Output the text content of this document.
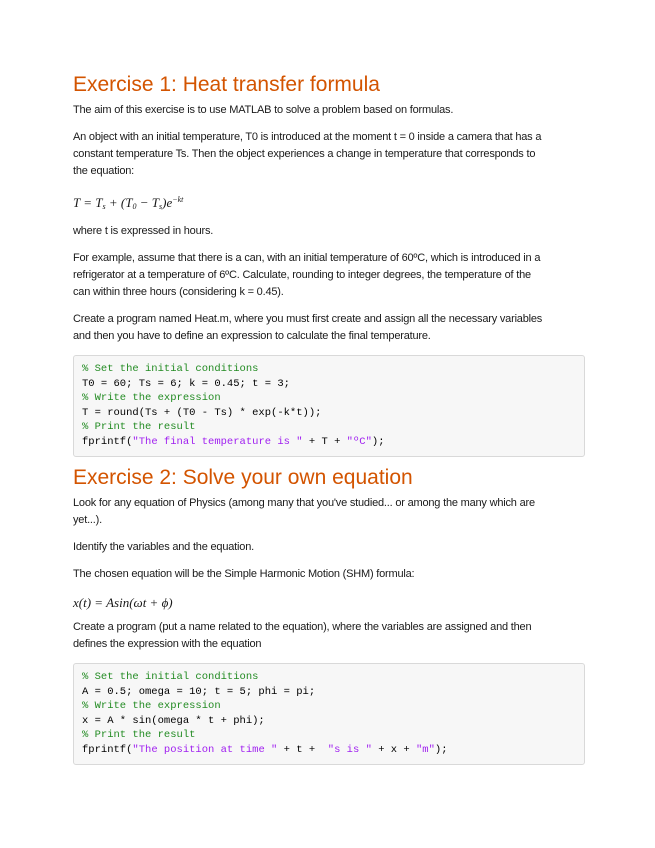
Exercise 1: Heat transfer formula

The aim of this exercise is to use MATLAB to solve a problem based on formulas.

An object with an initial temperature, T0 is introduced at the moment t = 0 inside a camera that has a
constant temperature Ts. Then the object experiences a change in temperature that corresponds to
the equation:

$T = T_s + (T_0 - T_s)e^{-kt}$

where t is expressed in hours.

For example, assume that there is a can, with an initial temperature of 60ºC, which is introduced in a
refrigerator at a temperature of 6ºC. Calculate, rounding to integer degrees, the temperature of the
can within three hours (considering k = 0.45).

Create a program named Heat.m, where you must first create and assign all the necessary variables
and then you have to define an expression to calculate the final temperature.

% Set the initial conditions
T0 = 60; Ts = 6; k = 0.45; t = 3;
% Write the expression
T = round(Ts + (T0 - Ts) * exp(-k*t));
% Print the result
fprintf("The final temperature is " + T + "ºC");
Exercise 2: Solve your own equation

Look for any equation of Physics (among many that you've studied... or among the many which are
yet...).

Identify the variables and the equation.

The chosen equation will be the Simple Harmonic Motion (SHM) formula:

x(t) = Asin(ωt + ϕ)

Create a program (put a name related to the equation), where the variables are assigned and then
defines the expression with the equation

% Set the initial conditions
A = 0.5; omega = 10; t = 5; phi = pi;
% Write the expression
x = A * sin(omega * t + phi);
% Print the result
fprintf("The position at time " + t +  "s is " + x + "m");
